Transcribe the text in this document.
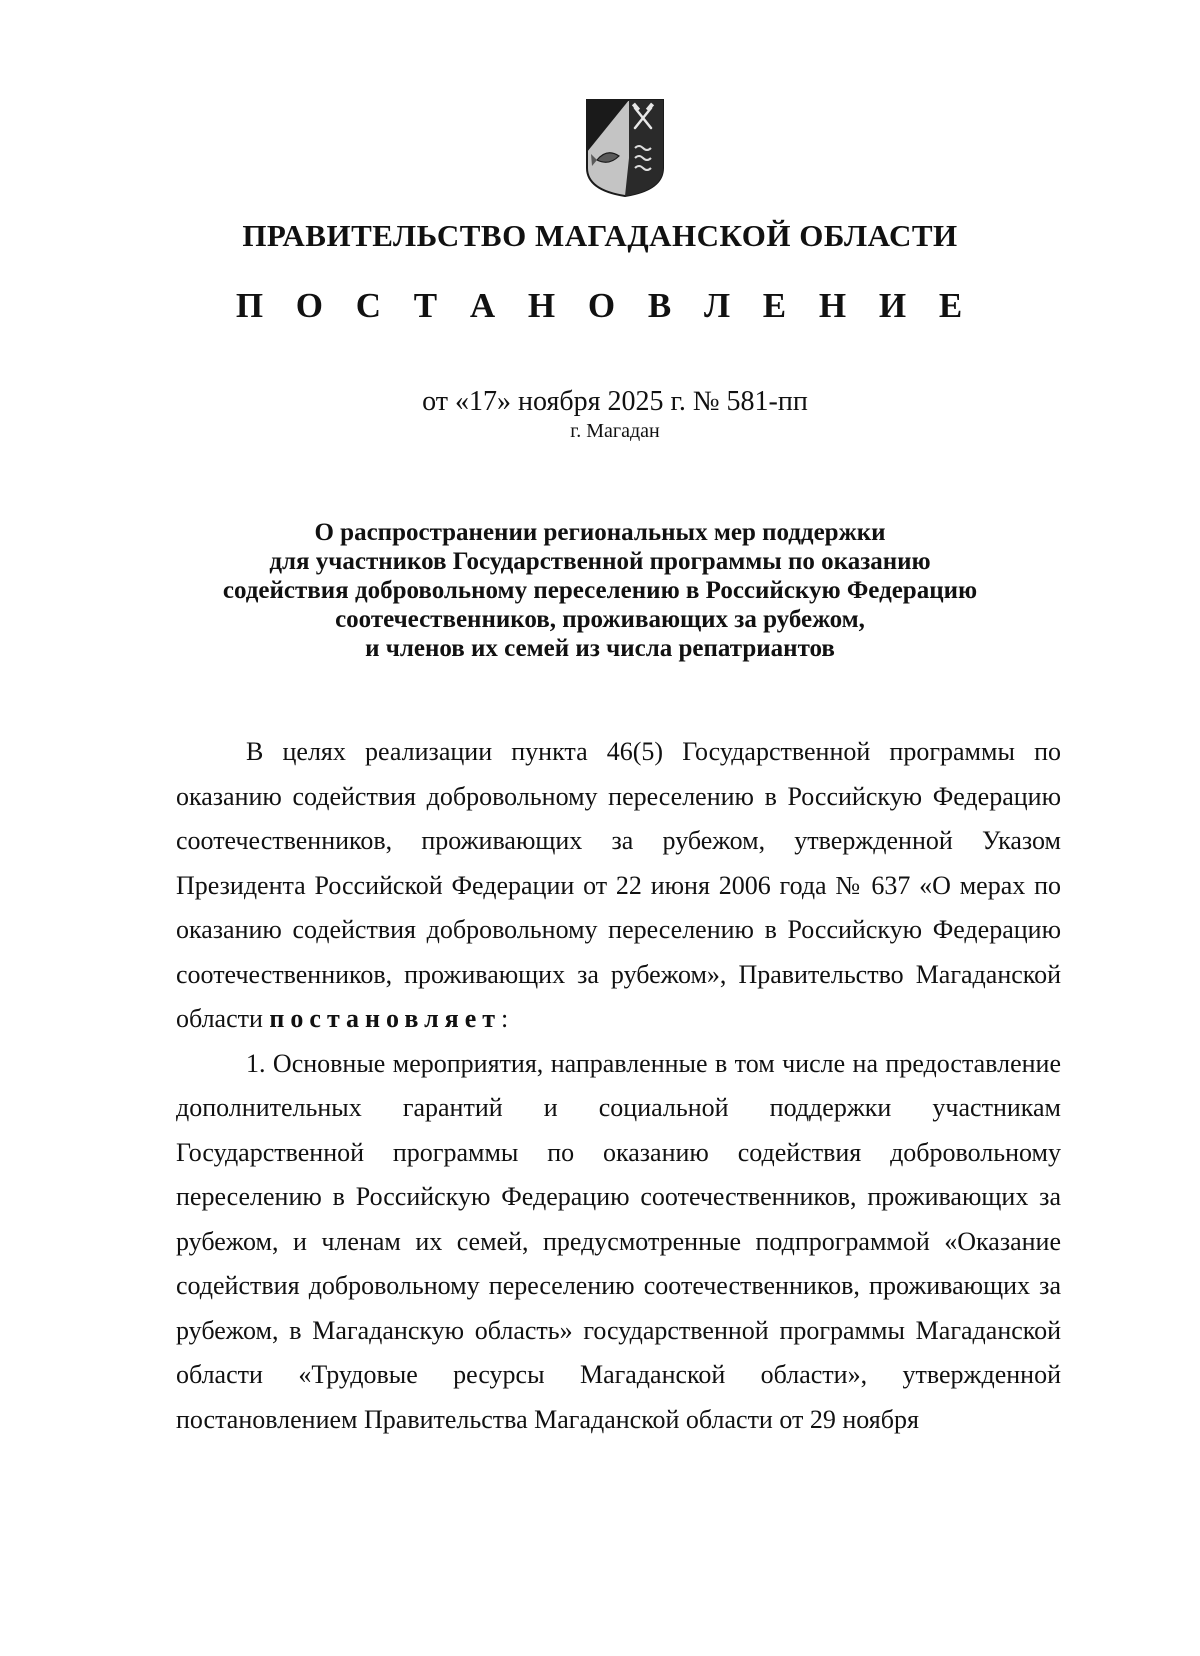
ПРАВИТЕЛЬСТВО МАГАДАНСКОЙ ОБЛАСТИ
П О С Т А Н О В Л Е Н И Е
от «17» ноября 2025 г. № 581-пп
г. Магадан
О распространении региональных мер поддержки
для участников Государственной программы по оказанию
содействия добровольному переселению в Российскую Федерацию
соотечественников, проживающих за рубежом,
и членов их семей из числа репатриантов

В целях реализации пункта 46(5) Государственной программы по оказанию содействия добровольному переселению в Российскую Федерацию соотечественников, проживающих за рубежом, утвержденной Указом Президента Российской Федерации от 22 июня 2006 года № 637 «О мерах по оказанию содействия добровольному переселению в Российскую Федерацию соотечественников, проживающих за рубежом», Правительство Магаданской области постановляет:

1. Основные мероприятия, направленные в том числе на предоставление дополнительных гарантий и социальной поддержки участникам Государственной программы по оказанию содействия добровольному переселению в Российскую Федерацию соотечественников, проживающих за рубежом, и членам их семей, предусмотренные подпрограммой «Оказание содействия добровольному переселению соотечественников, проживающих за рубежом, в Магаданскую область» государственной программы Магаданской области «Трудовые ресурсы Магаданской области», утвержденной постановлением Правительства Магаданской области от 29 ноября
